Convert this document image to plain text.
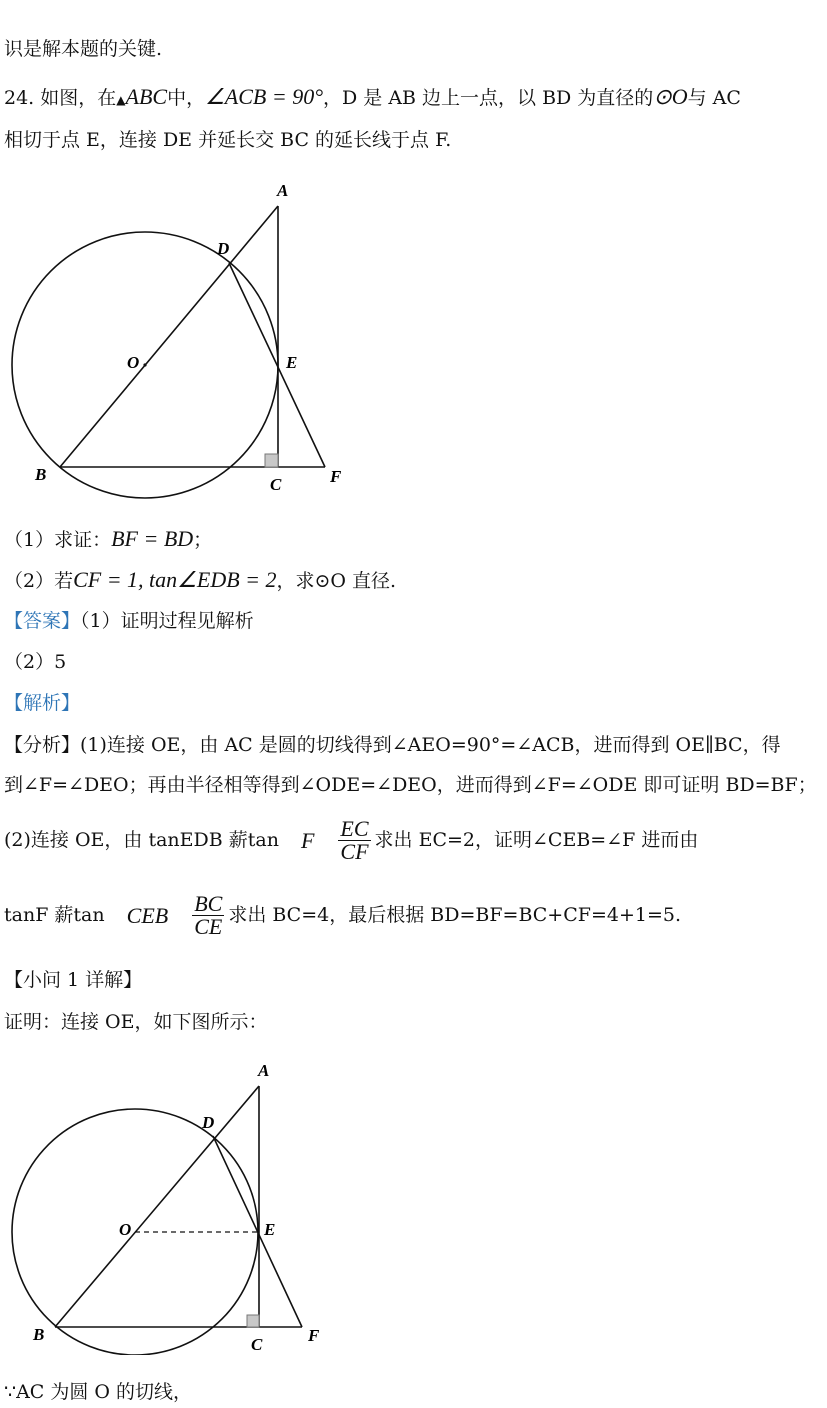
识是解本题的关键.
24. 如图，在▲ABC中，∠ACB = 90°，D 是 AB 边上一点，以 BD 为直径的⊙O与 AC
相切于点 E，连接 DE 并延长交 BC 的延长线于点 F.
A
D
O	E
B
C	F
（1）求证：BF = BD；
（2）若CF = 1, tan∠EDB = 2，求⊙O 直径.
【答案】（1）证明过程见解析
（2）5
【解析】
【分析】(1)连接 OE，由 AC 是圆的切线得到∠AEO=90°=∠ACB，进而得到 OE∥BC，得
到∠F=∠DEO；再由半径相等得到∠ODE=∠DEO，进而得到∠F=∠ODE 即可证明 BD=BF；
(2)连接 OE，由 tanEDB 薪tan F $\frac{EC}{CF}$ 求出 EC=2，证明∠CEB=∠F 进而由
tanF 薪tan CEB $\frac{BC}{CE}$ 求出 BC=4，最后根据 BD=BF=BC+CF=4+1=5.
【小问 1 详解】
证明：连接 OE，如下图所示：
A
D
O	E
B
C	F
∵AC 为圆 O 的切线，
